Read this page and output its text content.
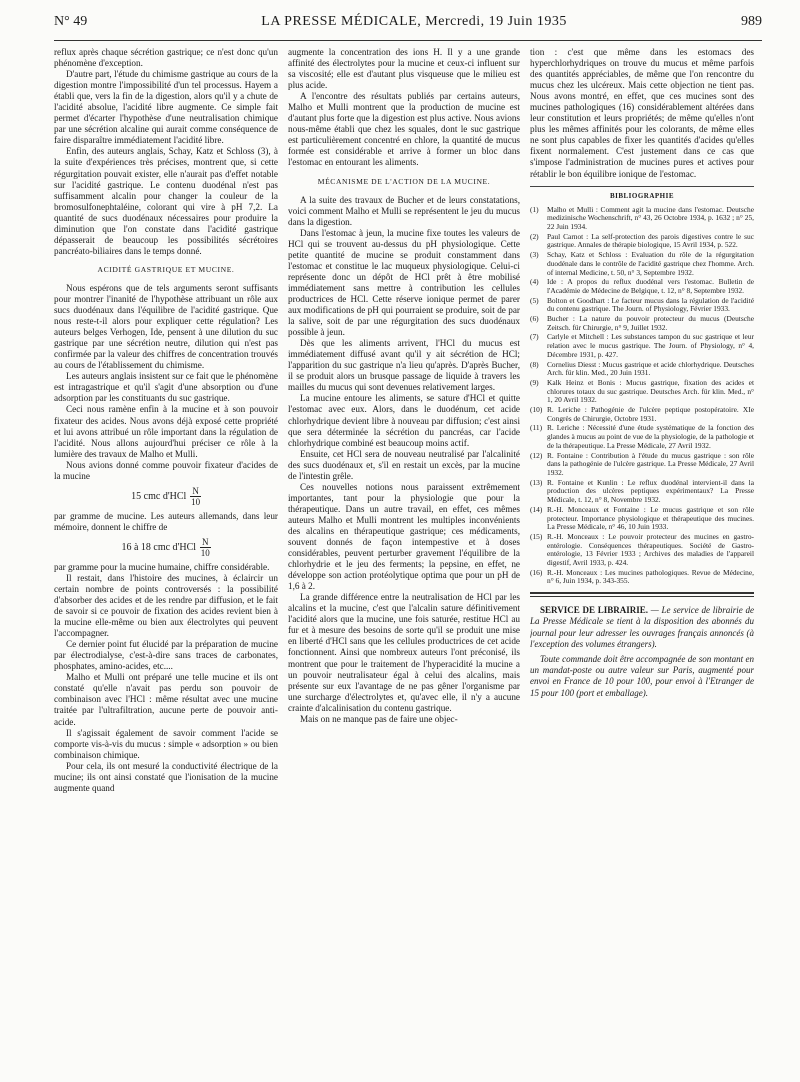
N° 49	LA PRESSE MÉDICALE, Mercredi, 19 Juin 1935	989

reflux après chaque sécrétion gastrique; ce n'est donc qu'un phénomène d'exception.

D'autre part, l'étude du chimisme gastrique au cours de la digestion montre l'impossibilité d'un tel processus. Hayem a établi que, vers la fin de la digestion, alors qu'il y a chute de l'acidité absolue, l'acidité libre augmente. Ce simple fait permet d'écarter l'hypothèse d'une neutralisation chimique par une sécrétion alcaline qui aurait comme conséquence de faire disparaître immédiatement l'acidité libre.

Enfin, des auteurs anglais, Schay, Katz et Schloss (3), à la suite d'expériences très précises, montrent que, si cette régurgitation pouvait exister, elle n'aurait pas d'effet notable sur l'acidité gastrique. Le contenu duodénal n'est pas suffisamment alcalin pour changer la couleur de la bromosulfonephtaléine, colorant qui vire à pH 7,2. La quantité de sucs duodénaux nécessaires pour produire la diminution que l'on constate dans l'acidité gastrique dépasserait de beaucoup les possibilités sécrétoires pancréato-biliaires dans le temps donné.

ACIDITÉ GASTRIQUE ET MUCINE.

Nous espérons que de tels arguments seront suffisants pour montrer l'inanité de l'hypothèse attribuant un rôle aux sucs duodénaux dans l'équilibre de l'acidité gastrique. Que nous reste-t-il alors pour expliquer cette régulation? Les auteurs belges Verhogen, Ide, pensent à une dilution du suc gastrique par une sécrétion neutre, dilution qui n'est pas confirmée par la valeur des chiffres de concentration trouvés au cours de l'établissement du chimisme.

Les auteurs anglais insistent sur ce fait que le phénomène est intragastrique et qu'il s'agit d'une absorption ou d'une adsorption par les constituants du suc gastrique.

Ceci nous ramène enfin à la mucine et à son pouvoir fixateur des acides. Nous avons déjà exposé cette propriété et lui avons attribué un rôle important dans la régulation de l'acidité. Nous allons aujourd'hui préciser ce rôle à la lumière des travaux de Malho et Mulli.

Nous avions donné comme pouvoir fixateur d'acides de la mucine

15 cmc $d'HCl \frac{N}{10}$

par gramme de mucine. Les auteurs allemands, dans leur mémoire, donnent le chiffre de

16 à 18 cmc $d'HCl \frac{N}{10}$

par gramme pour la mucine humaine, chiffre considérable.

Il restait, dans l'histoire des mucines, à éclaircir un certain nombre de points controversés : la possibilité d'absorber des acides et de les rendre par diffusion, et le fait de savoir si ce pouvoir de fixation des acides revient bien à la mucine elle-même ou bien aux électrolytes qui peuvent l'accompagner.

Ce dernier point fut élucidé par la préparation de mucine par électrodialyse, c'est-à-dire sans traces de carbonates, phosphates, amino-acides, etc....

Malho et Mulli ont préparé une telle mucine et ils ont constaté qu'elle n'avait pas perdu son pouvoir de combinaison avec l'HCl : même résultat avec une mucine traitée par l'ultrafiltration, aucune perte de pouvoir anti-acide.

Il s'agissait également de savoir comment l'acide se comporte vis-à-vis du mucus : simple « adsorption » ou bien combinaison chimique.

Pour cela, ils ont mesuré la conductivité électrique de la mucine; ils ont ainsi constaté que l'ionisation de la mucine augmente quand

augmente la concentration des ions H. Il y a une grande affinité des électrolytes pour la mucine et ceux-ci influent sur sa viscosité; elle est d'autant plus visqueuse que le milieu est plus acide.

A l'encontre des résultats publiés par certains auteurs, Malho et Mulli montrent que la production de mucine est d'autant plus forte que la digestion est plus active. Nous avions nous-même établi que chez les squales, dont le suc gastrique est particulièrement concentré en chlore, la quantité de mucus formée est considérable et arrive à former un bloc dans l'estomac en entourant les aliments.

MÉCANISME DE L'ACTION DE LA MUCINE.

A la suite des travaux de Bucher et de leurs constatations, voici comment Malho et Mulli se représentent le jeu du mucus dans la digestion.

Dans l'estomac à jeun, la mucine fixe toutes les valeurs de HCl qui se trouvent au-dessus du pH physiologique. Cette petite quantité de mucine se produit constamment dans l'estomac et constitue le lac muqueux physiologique. Celui-ci représente donc un dépôt de HCl prêt à être mobilisé immédiatement sans mettre à contribution les cellules productrices de HCl. Cette réserve ionique permet de parer aux modifications de pH qui pourraient se produire, soit de par la salive, soit de par une régurgitation des sucs duodénaux possible à jeun.

Dès que les aliments arrivent, l'HCl du mucus est immédiatement diffusé avant qu'il y ait sécrétion de HCl; l'apparition du suc gastrique n'a lieu qu'après. D'après Bucher, il se produit alors un brusque passage de liquide à travers les mailles du mucus qui sont devenues relativement larges.

La mucine entoure les aliments, se sature d'HCl et quitte l'estomac avec eux. Alors, dans le duodénum, cet acide chlorhydrique devient libre à nouveau par diffusion; c'est ainsi que sera déterminée la sécrétion du pancréas, car l'acide chlorhydrique combiné est beaucoup moins actif.

Ensuite, cet HCl sera de nouveau neutralisé par l'alcalinité des sucs duodénaux et, s'il en restait un excès, par la mucine de l'intestin grêle.

Ces nouvelles notions nous paraissent extrêmement importantes, tant pour la physiologie que pour la thérapeutique. Dans un autre travail, en effet, ces mêmes auteurs Malho et Mulli montrent les multiples inconvénients des alcalins en thérapeutique gastrique; ces médicaments, souvent donnés de façon intempestive et à doses considérables, peuvent perturber gravement l'équilibre de la chlorhydrie et le jeu des ferments; la pepsine, en effet, ne développe son action protéolytique optima que pour un pH de 1,6 à 2.

La grande différence entre la neutralisation de HCl par les alcalins et la mucine, c'est que l'alcalin sature définitivement l'acidité alors que la mucine, une fois saturée, restitue HCl au fur et à mesure des besoins de sorte qu'il se produit une mise en liberté d'HCl sans que les cellules productrices de cet acide fonctionnent. Ainsi que nombreux auteurs l'ont préconisé, ils montrent que pour le traitement de l'hyperacidité la mucine a un pouvoir neutralisateur égal à celui des alcalins, mais présente sur eux l'avantage de ne pas gêner l'organisme par une surcharge d'électrolytes et, qu'avec elle, il n'y a aucune crainte d'alcalinisation du contenu gastrique.

Mais on ne manque pas de faire une objec-

tion : c'est que même dans les estomacs des hyperchlorhydriques on trouve du mucus et même parfois des quantités appréciables, de même que l'on rencontre du mucus chez les ulcéreux. Mais cette objection ne tient pas. Nous avons montré, en effet, que ces mucines sont des mucines pathologiques (16) considérablement altérées dans leur constitution et leurs propriétés; de même qu'elles n'ont plus les mêmes affinités pour les colorants, de même elles ne sont plus capables de fixer les quantités d'acides qu'elles fixent normalement. C'est justement dans ce cas que s'impose l'administration de mucines pures et actives pour rétablir le bon équilibre ionique de l'estomac.

BIBLIOGRAPHIE
(1)	Malho et Mulli : Comment agit la mucine dans l'estomac. Deutsche medizinische Wochenschrift, n° 43, 26 Octobre 1934, p. 1632 ; n° 25, 22 Juin 1934.
(2)	Paul Carnot : La self-protection des parois digestives contre le suc gastrique. Annales de thérapie biologique, 15 Avril 1934, p. 522.
(3)	Schay, Katz et Schloss : Evaluation du rôle de la régurgitation duodénale dans le contrôle de l'acidité gastrique chez l'homme. Arch. of internal Medicine, t. 50, n° 3, Septembre 1932.
(4)	Ide : A propos du reflux duodénal vers l'estomac. Bulletin de l'Académie de Médecine de Belgique, t. 12, n° 8, Septembre 1932.
(5)	Bolton et Goodhart : Le facteur mucus dans la régulation de l'acidité du contenu gastrique. The Journ. of Physiology, Février 1933.
(6)	Bucher : La nature du pouvoir protecteur du mucus (Deutsche Zeitsch. für Chirurgie, n° 9, Juillet 1932.
(7)	Carlyle et Mitchell : Les substances tampon du suc gastrique et leur relation avec le mucus gastrique. The Journ. of Physiology, n° 4, Décembre 1931, p. 427.
(8)	Cornelius Diesst : Mucus gastrique et acide chlorhydrique. Deutsches Arch. für klin. Med., 20 Juin 1931.
(9)	Kalk Heinz et Bonis : Mucus gastrique, fixation des acides et chlorures totaux du suc gastrique. Deutsches Arch. für klin. Med., n° 1, 20 Avril 1932.
(10) R. Leriche : Pathogénie de l'ulcère peptique postopératoire. XIe Congrès de Chirurgie, Octobre 1931.
(11) R. Leriche : Nécessité d'une étude systématique de la fonction des glandes à mucus au point de vue de la physiologie, de la pathologie et de la thérapeutique. La Presse Médicale, 27 Avril 1932.
(12) R. Fontaine : Contribution à l'étude du mucus gastrique : son rôle dans la pathogénie de l'ulcère gastrique. La Presse Médicale, 27 Avril 1932.
(13) R. Fontaine et Kunlin : Le reflux duodénal intervient-il dans la production des ulcères peptiques expérimentaux? La Presse Médicale, t. 12, n° 8, Novembre 1932.
(14) R.-H. Monceaux et Fontaine : Le mucus gastrique et son rôle protecteur. Importance physiologique et thérapeutique des mucines. La Presse Médicale, n° 46, 10 Juin 1933.
(15) R.-H. Monceaux : Le pouvoir protecteur des mucines en gastro-entérologie. Conséquences thérapeutiques. Société de Gastro-entérologie, 13 Février 1933 ; Archives des maladies de l'appareil digestif, Avril 1933, p. 424.
(16) R.-H. Monceaux : Les mucines pathologiques. Revue de Médecine, n° 6, Juin 1934, p. 343-355.

SERVICE DE LIBRAIRIE. — Le service de librairie de La Presse Médicale se tient à la disposition des abonnés du journal pour leur adresser les ouvrages français annoncés (à l'exception des volumes étrangers).

Toute commande doit être accompagnée de son montant en un mandat-poste ou autre valeur sur Paris, augmenté pour envoi en France de 10 pour 100, pour envoi à l'Etranger de 15 pour 100 (port et emballage).
